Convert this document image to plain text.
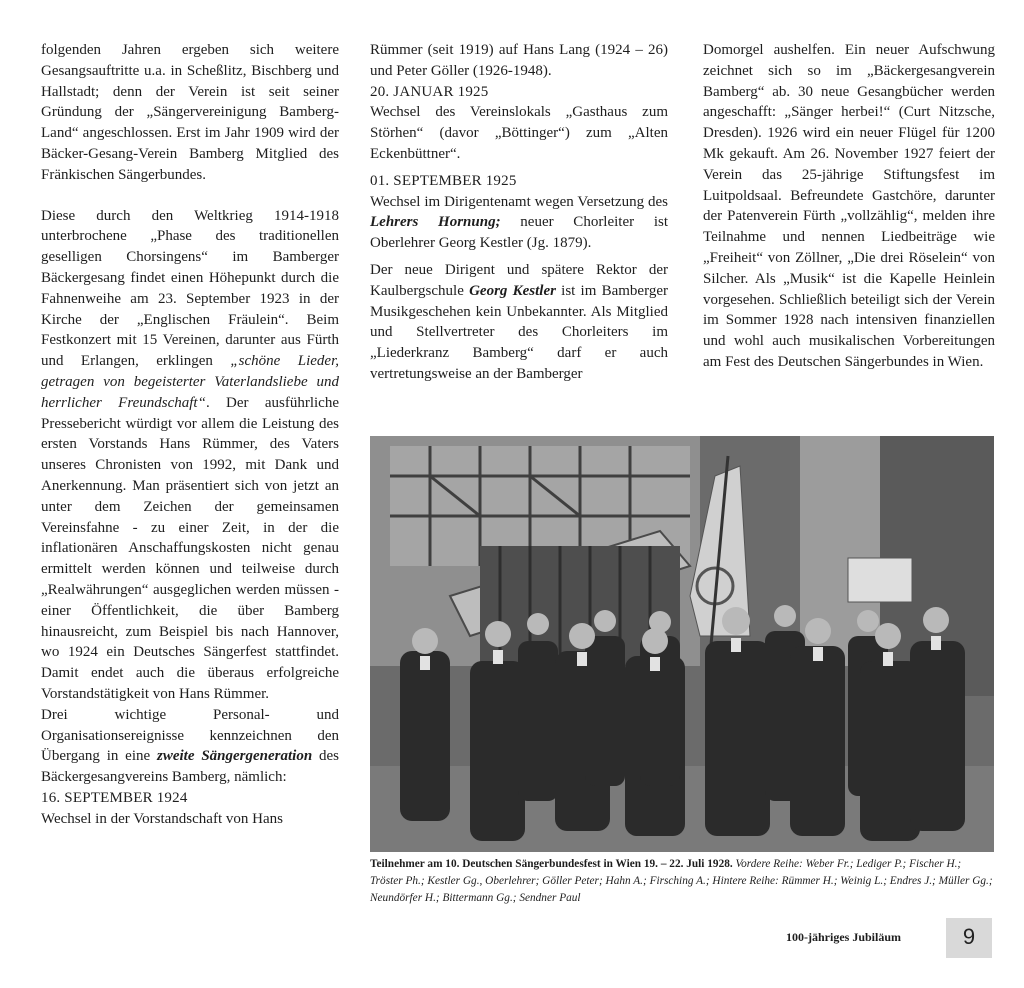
folgenden Jahren ergeben sich weitere Gesangsauftritte u.a. in Scheßlitz, Bischberg und Hallstadt; denn der Verein ist seit seiner Gründung der „Sängervereinigung Bamberg-Land“ angeschlossen. Erst im Jahr 1909 wird der Bäcker-Gesang-Verein Bamberg Mitglied des Fränkischen Sängerbundes.

Diese durch den Weltkrieg 1914-1918 unterbrochene „Phase des traditionellen geselligen Chorsingens“ im Bamberger Bäckergesang findet einen Höhepunkt durch die Fahnenweihe am 23. September 1923 in der Kirche der „Englischen Fräulein“. Beim Festkonzert mit 15 Vereinen, darunter aus Fürth und Erlangen, erklingen „schöne Lieder, getragen von begeisterter Vaterlandsliebe und herrlicher Freundschaft“. Der ausführliche Pressebericht würdigt vor allem die Leistung des ersten Vorstands Hans Rümmer, des Vaters unseres Chronisten von 1992, mit Dank und Anerkennung. Man präsentiert sich von jetzt an unter dem Zeichen der gemeinsamen Vereinsfahne - zu einer Zeit, in der die inflationären Anschaffungskosten nicht genau ermittelt werden können und teilweise durch „Realwährungen“ ausgeglichen werden müssen - einer Öffentlichkeit, die über Bamberg hinausreicht, zum Beispiel bis nach Hannover, wo 1924 ein Deutsches Sängerfest stattfindet. Damit endet auch die überaus erfolgreiche Vorstandstätigkeit von Hans Rümmer.

Drei wichtige Personal- und Organisationsereignisse kennzeichnen den Übergang in eine zweite Sängergeneration des Bäckergesangvereins Bamberg, nämlich:

16. SEPTEMBER 1924

Wechsel in der Vorstandschaft von Hans

Rümmer (seit 1919) auf Hans Lang (1924 – 26) und Peter Göller (1926-1948).

20. JANUAR 1925

Wechsel des Vereinslokals „Gasthaus zum Störhen“ (davor „Böttinger“) zum „Alten Eckenbüttner“.

01. SEPTEMBER 1925

Wechsel im Dirigentenamt wegen Versetzung des Lehrers Hornung; neuer Chorleiter ist Oberlehrer Georg Kestler (Jg. 1879).

Der neue Dirigent und spätere Rektor der Kaulbergschule Georg Kestler ist im Bamberger Musikgeschehen kein Unbekannter. Als Mitglied und Stellvertreter des Chorleiters im „Liederkranz Bamberg“ darf er auch vertretungsweise an der Bamberger

Domorgel aushelfen. Ein neuer Aufschwung zeichnet sich so im „Bäckergesangverein Bamberg“ ab. 30 neue Gesangbücher werden angeschafft: „Sänger herbei!“ (Curt Nitzsche, Dresden). 1926 wird ein neuer Flügel für 1200 Mk gekauft. Am 26. November 1927 feiert der Verein das 25-jährige Stiftungsfest im Luitpoldsaal. Befreundete Gastchöre, darunter der Patenverein Fürth „vollzählig“, melden ihre Teilnahme und nennen Liedbeiträge wie „Freiheit“ von Zöllner, „Die drei Röselein“ von Silcher. Als „Musik“ ist die Kapelle Heinlein vorgesehen. Schließlich beteiligt sich der Verein im Sommer 1928 nach intensiven finanziellen und wohl auch musikalischen Vorbereitungen am Fest des Deutschen Sängerbundes in Wien.

Teilnehmer am 10. Deutschen Sängerbundesfest in Wien 19. – 22. Juli 1928. Vordere Reihe: Weber Fr.; Lediger P.; Fischer H.; Tröster Ph.; Kestler Gg., Oberlehrer; Göller Peter; Hahn A.; Firsching A.; Hintere Reihe: Rümmer H.; Weinig L.; Endres J.; Müller Gg.; Neundörfer H.; Bittermann Gg.; Sendner Paul
100-jähriges Jubiläum	9
